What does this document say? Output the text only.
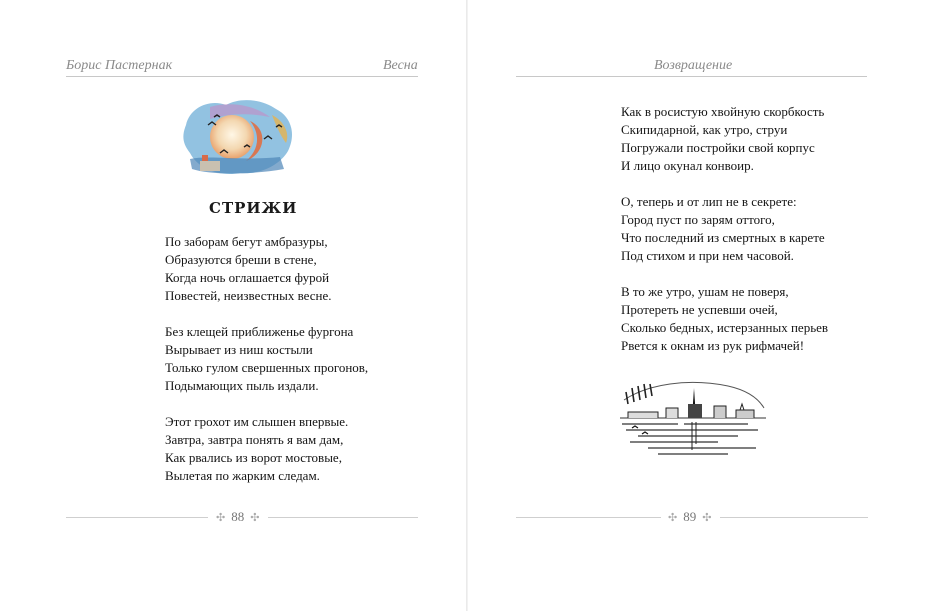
Борис Пастернак	Весна
СТРИЖИ
По заборам бегут амбразуры,
Образуются бреши в стене,
Когда ночь оглашается фурой
Повестей, неизвестных весне.
Без клещей приближенье фургона
Вырывает из ниш костыли
Только гулом свершенных прогонов,
Подымающих пыль издали.
Этот грохот им слышен впервые.
Завтра, завтра понять я вам дам,
Как рвались из ворот мостовые,
Вылетая по жарким следам.
✣ 88 ✣
Возвращение
Как в росистую хвойную скорбкость
Скипидарной, как утро, струи
Погружали постройки свой корпус
И лицо окунал конвоир.
О, теперь и от лип не в секрете:
Город пуст по зарям оттого,
Что последний из смертных в карете
Под стихом и при нем часовой.
В то же утро, ушам не поверя,
Протереть не успевши очей,
Сколько бедных, истерзанных перьев
Рвется к окнам из рук рифмачей!
✣ 89 ✣
